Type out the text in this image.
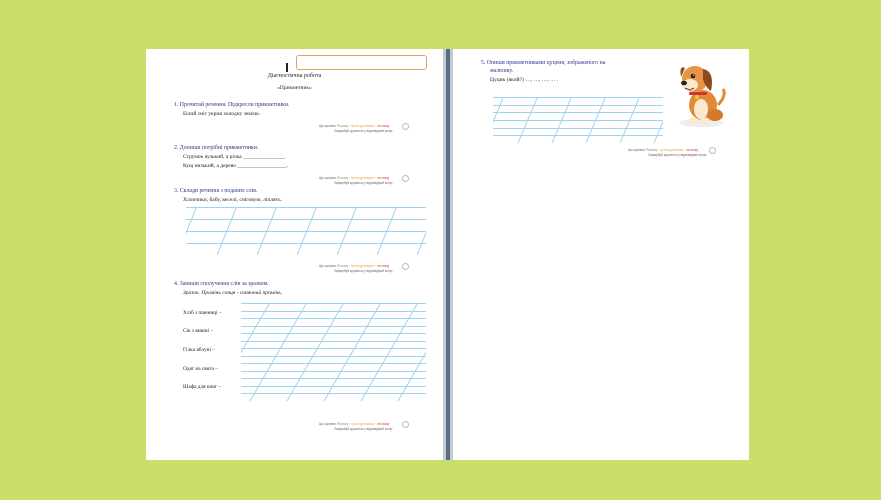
Діагностична робота
«Прикметник»
1. Прочитай речення. Підкресли прикметники.
Білий сніг укрив холодну землю.
Що оцінюю: Я можу · трохи допомоги · не можу
Зафарбуй кружечок у відповідний колір
2. Допиши потрібні прикметники.
Струмок вузький, а річка _______________.
Кущ низький, а дерево __________________.
Що оцінюю: Я можу · трохи допомоги · не можу
Зафарбуй кружечок у відповідний колір
3. Склади речення з поданих слів.
Хлопчики, бабу, веселі, сніговую, ліплять.
Що оцінюю: Я можу · трохи допомоги · не можу
Зафарбуй кружечок у відповідний колір
4. Запиши сполучення слів за зразком.
Зразок. Промінь сонця - сонячний промінь.
Хліб з пшениці –
Сік з вишні –
Гілка яблуні –
Одяг на свята –
Шафа для книг –
Що оцінюю: Я можу · трохи допомоги · не можу
Зафарбуй кружечок у відповідний колір
5. Опиши прикметниками цуценя, зображеного на
малюнку.
Цуцик (який?) …, …, …, … .
Що оцінюю: Я можу · трохи допомоги · не можу
Зафарбуй кружечок у відповідний колір
